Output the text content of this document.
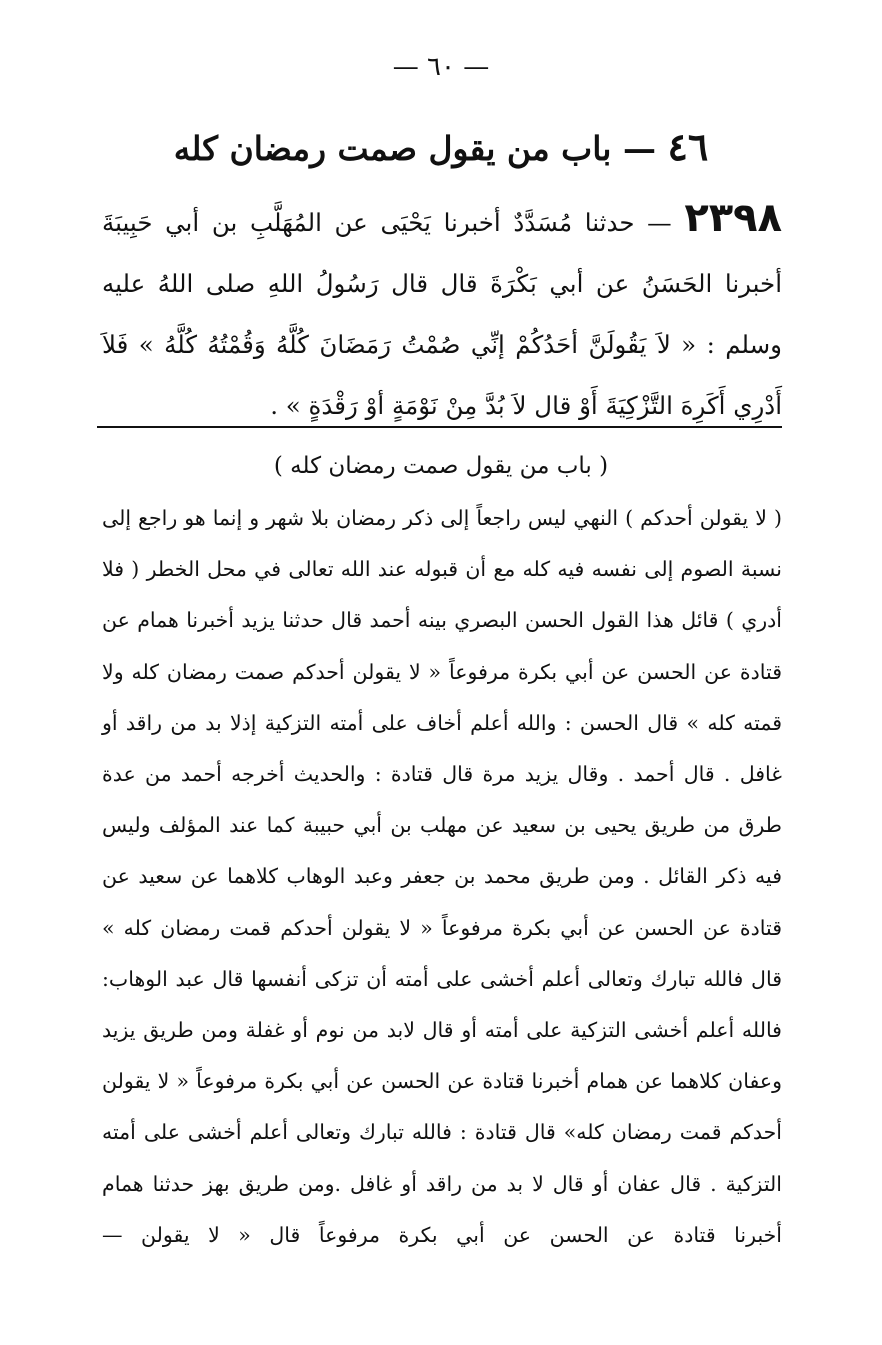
— ٦٠ —
٤٦ — باب من يقول صمت رمضان كله
٢٣٩٨ — حدثنا مُسَدَّدٌ أخبرنا يَحْيَى عن المُهَلَّبِ بن أبي حَبِيبَةَ أخبرنا الحَسَنُ عن أبي بَكْرَةَ قال قال رَسُولُ اللهِ صلى اللهُ عليه وسلم : « لاَ يَقُولَنَّ أحَدُكُمْ إنِّي صُمْتُ رَمَضَانَ كُلَّهُ وَقُمْتُهُ كُلَّهُ » فَلاَ أَدْرِي أَكَرِهَ التَّزْكِيَةَ أَوْ قال لاَ بُدَّ مِنْ نَوْمَةٍ أوْ رَقْدَةٍ » .
( باب من يقول صمت رمضان كله )
( لا يقولن أحدكم ) النهي ليس راجعاً إلى ذكر رمضان بلا شهر و إنما هو راجع إلى نسبة الصوم إلى نفسه فيه كله مع أن قبوله عند الله تعالى في محل الخطر ( فلا أدري ) قائل هذا القول الحسن البصري بينه أحمد قال حدثنا يزيد أخبرنا همام عن قتادة عن الحسن عن أبي بكرة مرفوعاً « لا يقولن أحدكم صمت رمضان كله ولا قمته كله » قال الحسن : والله أعلم أخاف على أمته التزكية إذلا بد من راقد أو غافل . قال أحمد . وقال يزيد مرة قال قتادة : والحديث أخرجه أحمد من عدة طرق من طريق يحيى بن سعيد عن مهلب بن أبي حبيبة كما عند المؤلف وليس فيه ذكر القائل . ومن طريق محمد بن جعفر وعبد الوهاب كلاهما عن سعيد عن قتادة عن الحسن عن أبي بكرة مرفوعاً « لا يقولن أحدكم قمت رمضان كله » قال فالله تبارك وتعالى أعلم أخشى على أمته أن تزكى أنفسها قال عبد الوهاب: فالله أعلم أخشى التزكية على أمته أو قال لابد من نوم أو غفلة ومن طريق يزيد وعفان كلاهما عن همام أخبرنا قتادة عن الحسن عن أبي بكرة مرفوعاً « لا يقولن أحدكم قمت رمضان كله» قال قتادة : فالله تبارك وتعالى أعلم أخشى على أمته التزكية . قال عفان أو قال لا بد من راقد أو غافل .ومن طريق بهز حدثنا همام أخبرنا قتادة عن الحسن عن أبي بكرة مرفوعاً قال « لا يقولن —
